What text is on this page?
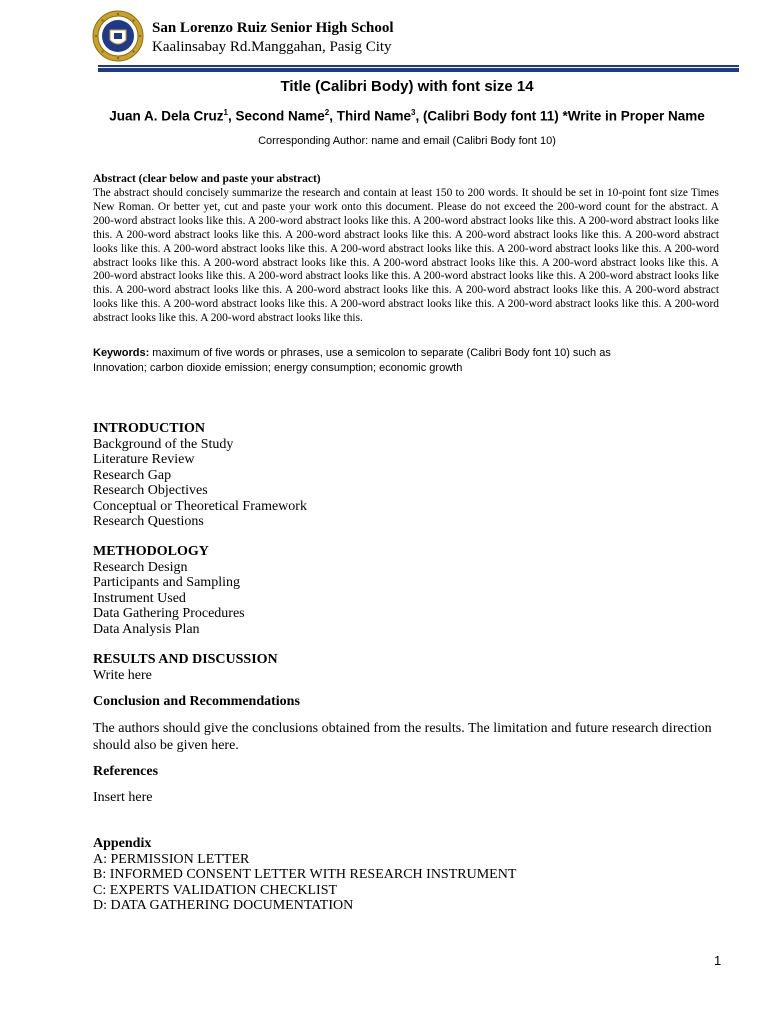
San Lorenzo Ruiz Senior High School
Kaalinsabay Rd.Manggahan, Pasig City
Title (Calibri Body) with font size 14
Juan A. Dela Cruz$^1$, Second Name$^2$, Third Name$^3$, (Calibri Body font 11) *Write in Proper Name
Corresponding Author: name and email (Calibri Body font 10)
Abstract (clear below and paste your abstract)
The abstract should concisely summarize the research and contain at least 150 to 200 words. It should be set in 10-point font size Times New Roman. Or better yet, cut and paste your work onto this document. Please do not exceed the 200-word count for the abstract. A 200-word abstract looks like this. A 200-word abstract looks like this. A 200-word abstract looks like this. A 200-word abstract looks like this. A 200-word abstract looks like this. A 200-word abstract looks like this. A 200-word abstract looks like this. A 200-word abstract looks like this. A 200-word abstract looks like this. A 200-word abstract looks like this. A 200-word abstract looks like this. A 200-word abstract looks like this. A 200-word abstract looks like this. A 200-word abstract looks like this. A 200-word abstract looks like this. A 200-word abstract looks like this. A 200-word abstract looks like this. A 200-word abstract looks like this. A 200-word abstract looks like this. A 200-word abstract looks like this. A 200-word abstract looks like this. A 200-word abstract looks like this. A 200-word abstract looks like this. A 200-word abstract looks like this. A 200-word abstract looks like this. A 200-word abstract looks like this. A 200-word abstract looks like this. A 200-word abstract looks like this.
Keywords: maximum of five words or phrases, use a semicolon to separate (Calibri Body font 10) such as
Innovation; carbon dioxide emission; energy consumption; economic growth
INTRODUCTION
Background of the Study
Literature Review
Research Gap
Research Objectives
Conceptual or Theoretical Framework
Research Questions
METHODOLOGY
Research Design
Participants and Sampling
Instrument Used
Data Gathering Procedures
Data Analysis Plan
RESULTS AND DISCUSSION
Write here
Conclusion and Recommendations
The authors should give the conclusions obtained from the results. The limitation and future research direction should also be given here.
References
Insert here
Appendix
A: PERMISSION LETTER
B: INFORMED CONSENT LETTER WITH RESEARCH INSTRUMENT
C: EXPERTS VALIDATION CHECKLIST
D: DATA GATHERING DOCUMENTATION
1
